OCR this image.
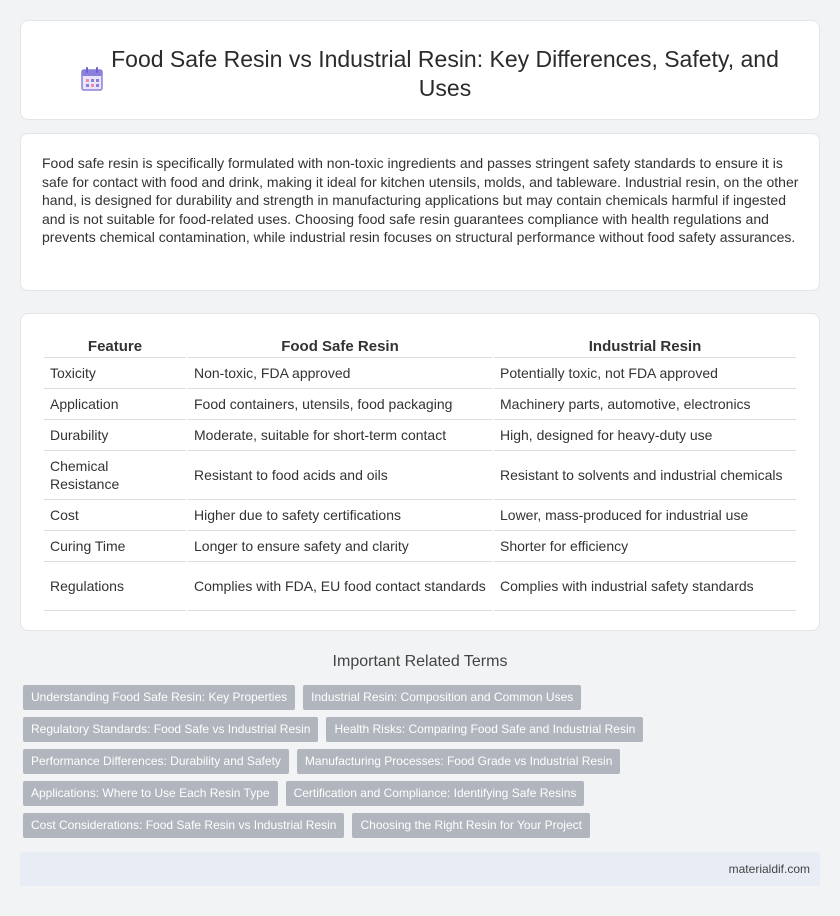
Food Safe Resin vs Industrial Resin: Key Differences, Safety, and Uses

Food safe resin is specifically formulated with non-toxic ingredients and passes stringent safety standards to ensure it is safe for contact with food and drink, making it ideal for kitchen utensils, molds, and tableware. Industrial resin, on the other hand, is designed for durability and strength in manufacturing applications but may contain chemicals harmful if ingested and is not suitable for food-related uses. Choosing food safe resin guarantees compliance with health regulations and prevents chemical contamination, while industrial resin focuses on structural performance without food safety assurances.

Feature	Food Safe Resin	Industrial Resin
Toxicity	Non-toxic, FDA approved	Potentially toxic, not FDA approved
Application	Food containers, utensils, food packaging	Machinery parts, automotive, electronics
Durability	Moderate, suitable for short-term contact	High, designed for heavy-duty use
Chemical Resistance	Resistant to food acids and oils	Resistant to solvents and industrial chemicals
Cost	Higher due to safety certifications	Lower, mass-produced for industrial use
Curing Time	Longer to ensure safety and clarity	Shorter for efficiency
Regulations	Complies with FDA, EU food contact standards	Complies with industrial safety standards
Important Related Terms
Understanding Food Safe Resin: Key Properties	Industrial Resin: Composition and Common Uses
Regulatory Standards: Food Safe vs Industrial Resin	Health Risks: Comparing Food Safe and Industrial Resin
Performance Differences: Durability and Safety	Manufacturing Processes: Food Grade vs Industrial Resin
Applications: Where to Use Each Resin Type	Certification and Compliance: Identifying Safe Resins
Cost Considerations: Food Safe Resin vs Industrial Resin	Choosing the Right Resin for Your Project
materialdif.com
